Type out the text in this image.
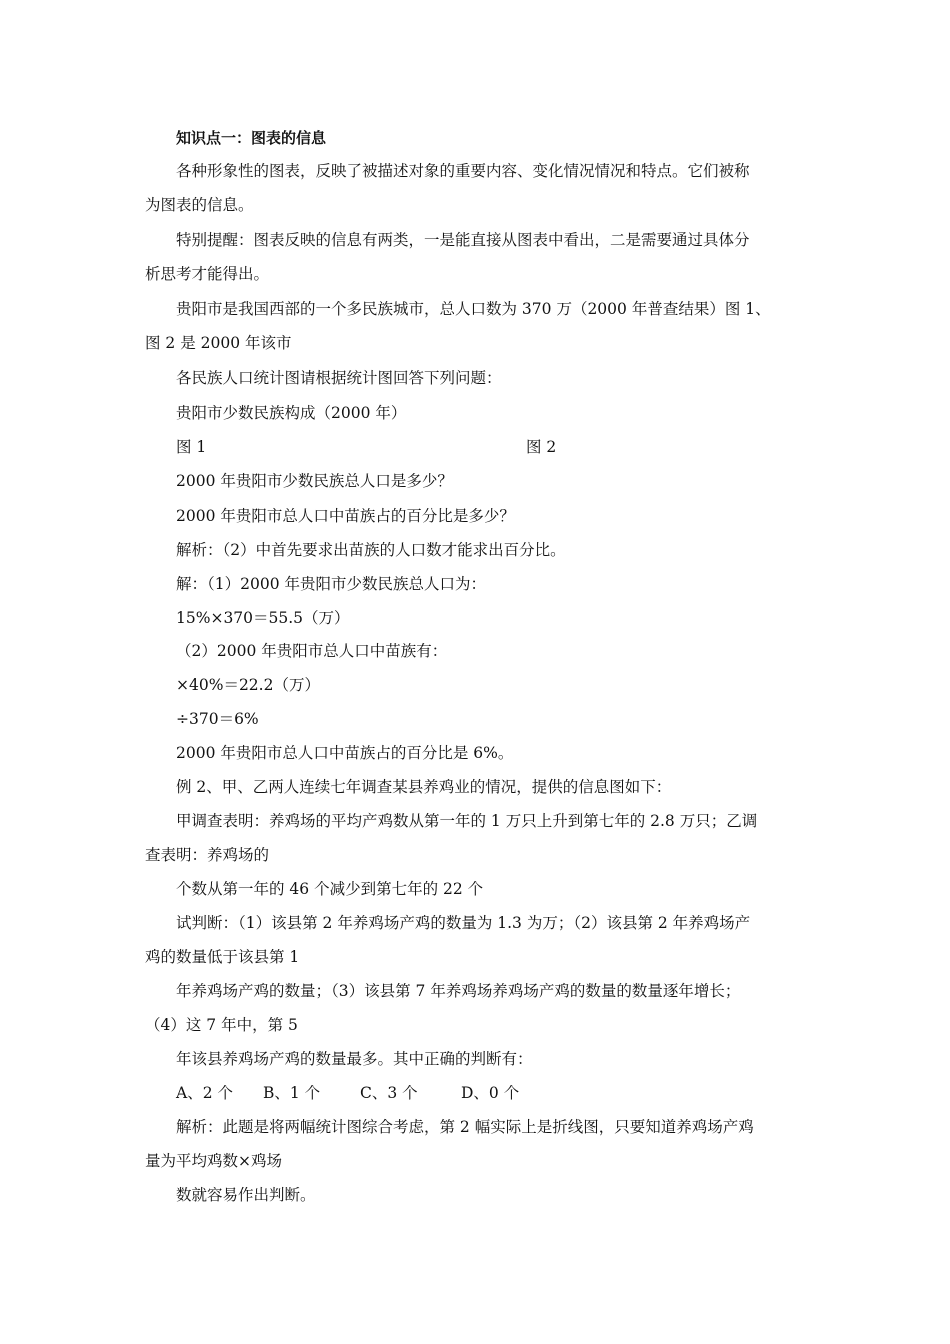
知识点一：图表的信息
各种形象性的图表，反映了被描述对象的重要内容、变化情况情况和特点。它们被称
为图表的信息。
特别提醒：图表反映的信息有两类，一是能直接从图表中看出，二是需要通过具体分
析思考才能得出。
贵阳市是我国西部的一个多民族城市，总人口数为 370 万（2000 年普查结果）图 1、
图 2 是 2000 年该市
各民族人口统计图请根据统计图回答下列问题：
贵阳市少数民族构成（2000 年）
图 1	图 2
2000 年贵阳市少数民族总人口是多少？
2000 年贵阳市总人口中苗族占的百分比是多少？
解析：（2）中首先要求出苗族的人口数才能求出百分比。
解：（1）2000 年贵阳市少数民族总人口为：
15%×370＝55.5（万）
（2）2000 年贵阳市总人口中苗族有：
×40%＝22.2（万）
÷370＝6%
2000 年贵阳市总人口中苗族占的百分比是 6%。
例 2、甲、乙两人连续七年调查某县养鸡业的情况，提供的信息图如下：
甲调查表明：养鸡场的平均产鸡数从第一年的 1 万只上升到第七年的 2.8 万只；乙调
查表明：养鸡场的
个数从第一年的 46 个减少到第七年的 22 个
试判断：（1）该县第 2 年养鸡场产鸡的数量为 1.3 为万；（2）该县第 2 年养鸡场产
鸡的数量低于该县第 1
年养鸡场产鸡的数量；（3）该县第 7 年养鸡场养鸡场产鸡的数量的数量逐年增长；
（4）这 7 年中，第 5
年该县养鸡场产鸡的数量最多。其中正确的判断有：
A、2 个 B、1 个	C、3 个	D、0 个
解析：此题是将两幅统计图综合考虑，第 2 幅实际上是折线图，只要知道养鸡场产鸡
量为平均鸡数×鸡场
数就容易作出判断。
